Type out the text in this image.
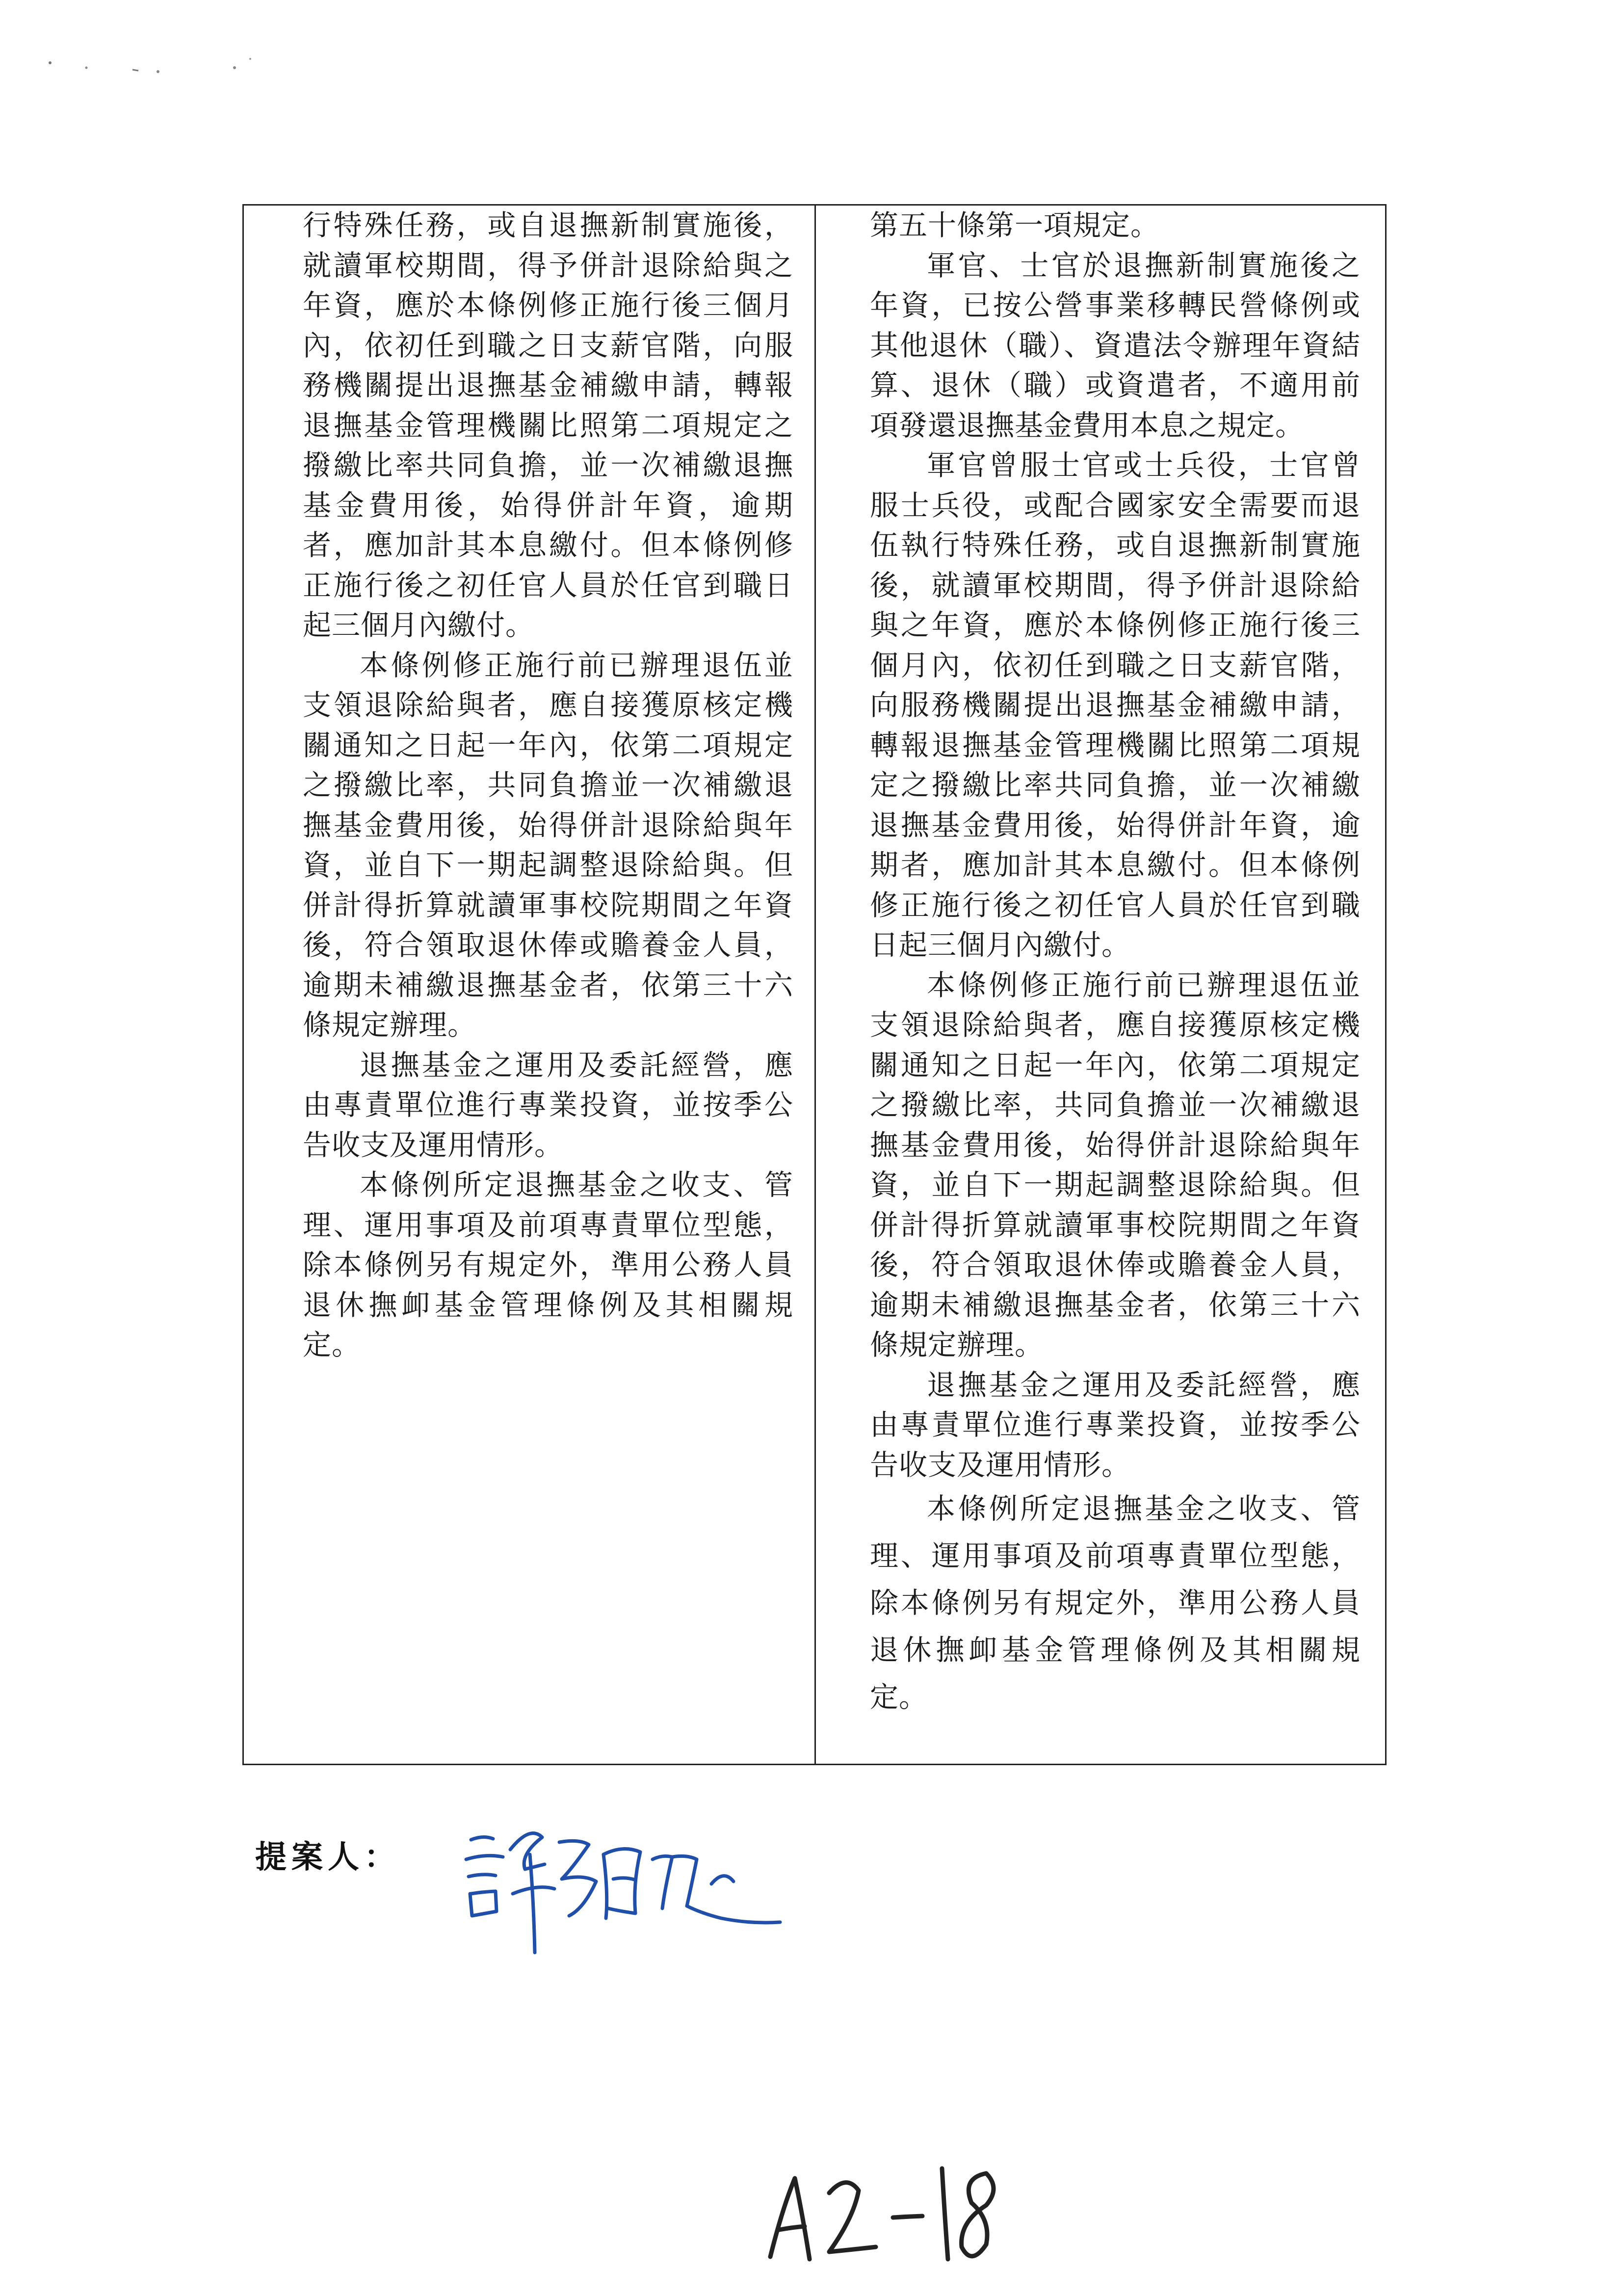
行特殊任務，或自退撫新制實施後，就讀軍校期間，得予併計退除給與之年資，應於本條例修正施行後三個月內，依初任到職之日支薪官階，向服務機關提出退撫基金補繳申請，轉報退撫基金管理機關比照第二項規定之撥繳比率共同負擔，並一次補繳退撫基金費用後，始得併計年資，逾期者，應加計其本息繳付。但本條例修正施行後之初任官人員於任官到職日起三個月內繳付。

本條例修正施行前已辦理退伍並支領退除給與者，應自接獲原核定機關通知之日起一年內，依第二項規定之撥繳比率，共同負擔並一次補繳退撫基金費用後，始得併計退除給與年資，並自下一期起調整退除給與。但併計得折算就讀軍事校院期間之年資後，符合領取退休俸或贍養金人員，逾期未補繳退撫基金者，依第三十六條規定辦理。

退撫基金之運用及委託經營，應由專責單位進行專業投資，並按季公告收支及運用情形。

本條例所定退撫基金之收支、管理、運用事項及前項專責單位型態，除本條例另有規定外，準用公務人員退休撫卹基金管理條例及其相關規定。

第五十條第一項規定。

軍官、士官於退撫新制實施後之年資，已按公營事業移轉民營條例或其他退休（職）、資遣法令辦理年資結算、退休（職）或資遣者，不適用前項發還退撫基金費用本息之規定。

軍官曾服士官或士兵役，士官曾服士兵役，或配合國家安全需要而退伍執行特殊任務，或自退撫新制實施後，就讀軍校期間，得予併計退除給與之年資，應於本條例修正施行後三個月內，依初任到職之日支薪官階，向服務機關提出退撫基金補繳申請，轉報退撫基金管理機關比照第二項規定之撥繳比率共同負擔，並一次補繳退撫基金費用後，始得併計年資，逾期者，應加計其本息繳付。但本條例修正施行後之初任官人員於任官到職日起三個月內繳付。

本條例修正施行前已辦理退伍並支領退除給與者，應自接獲原核定機關通知之日起一年內，依第二項規定之撥繳比率，共同負擔並一次補繳退撫基金費用後，始得併計退除給與年資，並自下一期起調整退除給與。但併計得折算就讀軍事校院期間之年資後，符合領取退休俸或贍養金人員，逾期未補繳退撫基金者，依第三十六條規定辦理。

退撫基金之運用及委託經營，應由專責單位進行專業投資，並按季公告收支及運用情形。

本條例所定退撫基金之收支、管理、運用事項及前項專責單位型態，除本條例另有規定外，準用公務人員退休撫卹基金管理條例及其相關規定。

提案人：
